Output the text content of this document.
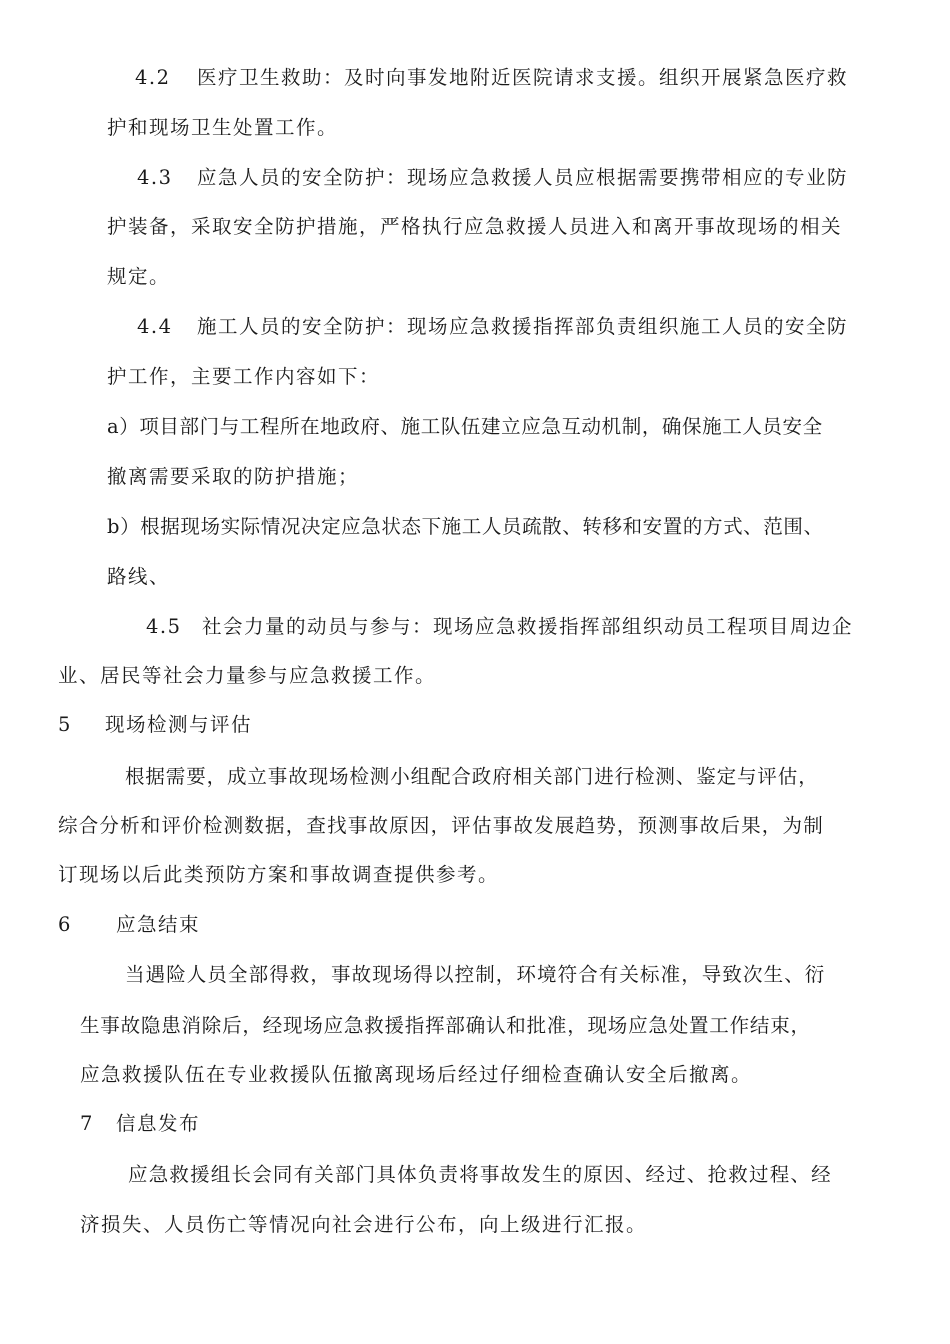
4.2 医疗卫生救助：及时向事发地附近医院请求支援。组织开展紧急医疗救
护和现场卫生处置工作。
4.3 应急人员的安全防护：现场应急救援人员应根据需要携带相应的专业防
护装备，采取安全防护措施，严格执行应急救援人员进入和离开事故现场的相关
规定。
4.4 施工人员的安全防护：现场应急救援指挥部负责组织施工人员的安全防
护工作，主要工作内容如下：
a）项目部门与工程所在地政府、施工队伍建立应急互动机制，确保施工人员安全
撤离需要采取的防护措施；
b）根据现场实际情况决定应急状态下施工人员疏散、转移和安置的方式、范围、
路线、
4.5 社会力量的动员与参与：现场应急救援指挥部组织动员工程项目周边企
业、居民等社会力量参与应急救援工作。
5 现场检测与评估
根据需要，成立事故现场检测小组配合政府相关部门进行检测、鉴定与评估，
综合分析和评价检测数据，查找事故原因，评估事故发展趋势，预测事故后果，为制
订现场以后此类预防方案和事故调查提供参考。
6 应急结束
当遇险人员全部得救，事故现场得以控制，环境符合有关标准，导致次生、衍
生事故隐患消除后，经现场应急救援指挥部确认和批准，现场应急处置工作结束，
应急救援队伍在专业救援队伍撤离现场后经过仔细检查确认安全后撤离。
7 信息发布
应急救援组长会同有关部门具体负责将事故发生的原因、经过、抢救过程、经
济损失、人员伤亡等情况向社会进行公布，向上级进行汇报。
